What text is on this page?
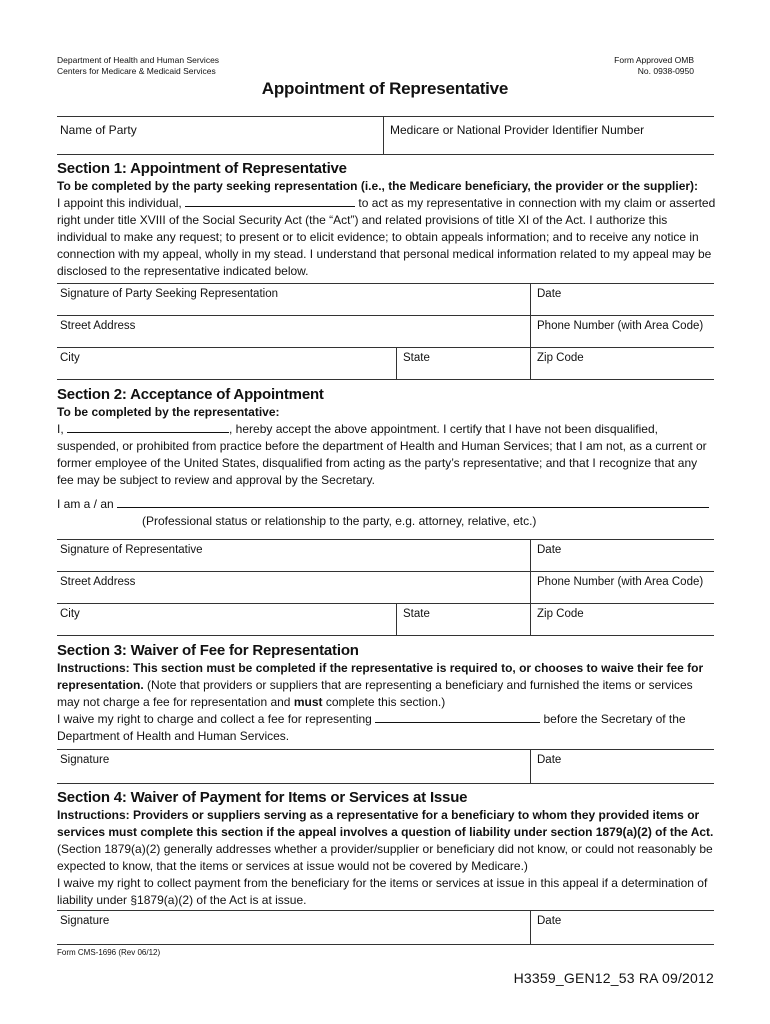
Department of Health and Human Services
Centers for Medicare & Medicaid Services
Form Approved OMB
No. 0938-0950
Appointment of Representative
Name of Party	Medicare or National Provider Identifier Number
Section 1: Appointment of Representative
To be completed by the party seeking representation (i.e., the Medicare beneficiary, the provider or the supplier):

I appoint this individual,	to act as my representative in connection with my claim or asserted right under title XVIII of the Social Security Act (the “Act”) and related provisions of title XI of the Act. I authorize this individual to make any request; to present or to elicit evidence; to obtain appeals information; and to receive any notice in connection with my appeal, wholly in my stead. I understand that personal medical information related to my appeal may be disclosed to the representative indicated below.

Signature of Party Seeking Representation	Date
Street Address	Phone Number (with Area Code)
City	State	Zip Code
Section 2: Acceptance of Appointment
To be completed by the representative:

I,	, hereby accept the above appointment. I certify that I have not been disqualified, suspended, or prohibited from practice before the department of Health and Human Services; that I am not, as a current or former employee of the United States, disqualified from acting as the party’s representative; and that I recognize that any fee may be subject to review and approval by the Secretary.

I am a / an

(Professional status or relationship to the party, e.g. attorney, relative, etc.)

Signature of Representative	Date
Street Address	Phone Number (with Area Code)
City	State	Zip Code
Section 3: Waiver of Fee for Representation

Instructions: This section must be completed if the representative is required to, or chooses to waive their fee for representation. (Note that providers or suppliers that are representing a beneficiary and furnished the items or services may not charge a fee for representation and must complete this section.)

I waive my right to charge and collect a fee for representing	before the Secretary of the Department of Health and Human Services.

Signature	Date
Section 4: Waiver of Payment for Items or Services at Issue

Instructions: Providers or suppliers serving as a representative for a beneficiary to whom they provided items or services must complete this section if the appeal involves a question of liability under section 1879(a)(2) of the Act. (Section 1879(a)(2) generally addresses whether a provider/supplier or beneficiary did not know, or could not reasonably be expected to know, that the items or services at issue would not be covered by Medicare.)

I waive my right to collect payment from the beneficiary for the items or services at issue in this appeal if a determination of liability under §1879(a)(2) of the Act is at issue.

Signature	Date
Form CMS-1696 (Rev 06/12)
H3359_GEN12_53 RA 09/2012
